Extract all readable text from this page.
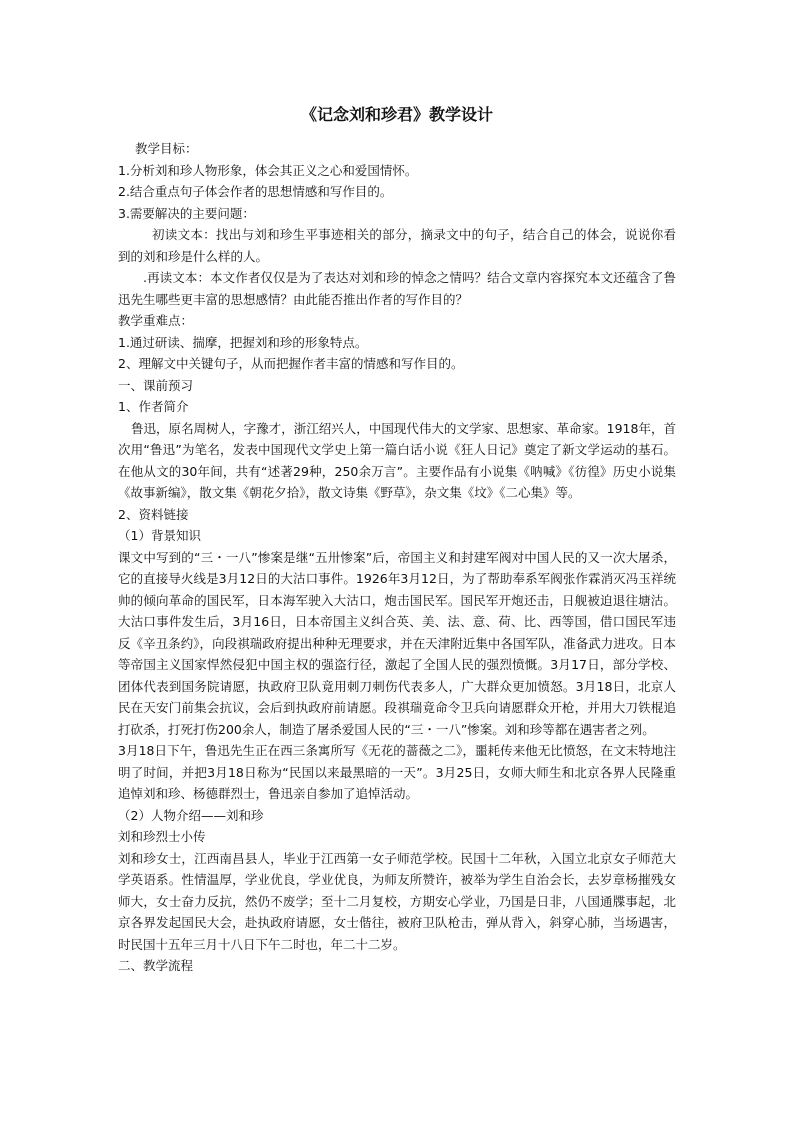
《记念刘和珍君》教学设计

教学目标：

1.分析刘和珍人物形象，体会其正义之心和爱国情怀。

2.结合重点句子体会作者的思想情感和写作目的。

3.需要解决的主要问题：

初读文本：找出与刘和珍生平事迹相关的部分，摘录文中的句子，结合自己的体会，说说你看到的刘和珍是什么样的人。

.再读文本：本文作者仅仅是为了表达对刘和珍的悼念之情吗？结合文章内容探究本文还蕴含了鲁迅先生哪些更丰富的思想感情？由此能否推出作者的写作目的？

教学重难点：

1.通过研读、揣摩，把握刘和珍的形象特点。

2、理解文中关键句子，从而把握作者丰富的情感和写作目的。

一、课前预习

1、作者简介

鲁迅，原名周树人，字豫才，浙江绍兴人，中国现代伟大的文学家、思想家、革命家。1918年，首次用“鲁迅”为笔名，发表中国现代文学史上第一篇白话小说《狂人日记》奠定了新文学运动的基石。在他从文的30年间，共有“述著29种，250余万言”。主要作品有小说集《呐喊》《彷徨》历史小说集《故事新编》，散文集《朝花夕拾》，散文诗集《野草》，杂文集《坟》《二心集》等。

2、资料链接

（1）背景知识

课文中写到的“三・一八”惨案是继“五卅惨案”后，帝国主义和封建军阀对中国人民的又一次大屠杀，它的直接导火线是3月12日的大沽口事件。1926年3月12日，为了帮助奉系军阀张作霖消灭冯玉祥统帅的倾向革命的国民军，日本海军驶入大沽口，炮击国民军。国民军开炮还击，日舰被迫退往塘沽。大沽口事件发生后，3月16日，日本帝国主义纠合英、美、法、意、荷、比、西等国，借口国民军违反《辛丑条约》，向段祺瑞政府提出种种无理要求，并在天津附近集中各国军队，准备武力进攻。日本等帝国主义国家悍然侵犯中国主权的强盗行径，激起了全国人民的强烈愤慨。3月17日，部分学校、团体代表到国务院请愿，执政府卫队竟用刺刀刺伤代表多人，广大群众更加愤怒。3月18日，北京人民在天安门前集会抗议，会后到执政府前请愿。段祺瑞竟命令卫兵向请愿群众开枪，并用大刀铁棍追打砍杀，打死打伤200余人，制造了屠杀爱国人民的“三・一八”惨案。刘和珍等都在遇害者之列。

3月18日下午，鲁迅先生正在西三条寓所写《无花的蔷薇之二》，噩耗传来他无比愤怒，在文末特地注明了时间，并把3月18日称为“民国以来最黑暗的一天”。3月25日，女师大师生和北京各界人民隆重追悼刘和珍、杨德群烈士，鲁迅亲自参加了追悼活动。

（2）人物介绍——刘和珍

刘和珍烈士小传

刘和珍女士，江西南昌县人，毕业于江西第一女子师范学校。民国十二年秋，入国立北京女子师范大学英语系。性情温厚，学业优良，学业优良，为师友所赞许，被举为学生自治会长，去岁章杨摧残女师大，女士奋力反抗，然仍不废学；至十二月复校，方期安心学业，乃国是日非，八国通牒事起，北京各界发起国民大会，赴执政府请愿，女士偕往，被府卫队枪击，弹从背入，斜穿心肺，当场遇害，时民国十五年三月十八日下午二时也，年二十二岁。

二、教学流程
